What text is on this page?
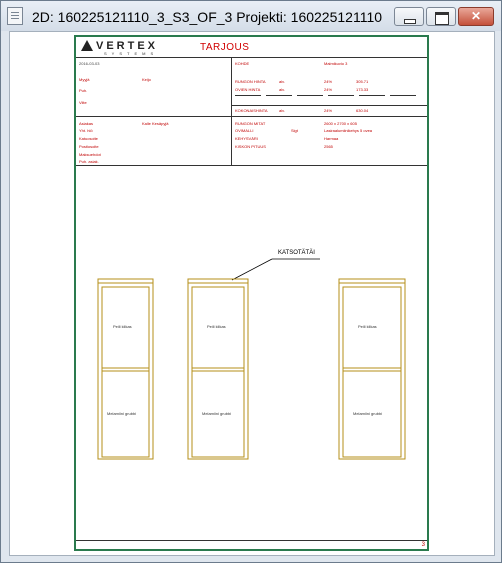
2D: 160225121110_3_S3_OF_3 Projekti: 160225121110
✕
VERTEX
SYSTEMS
TARJOUS
2016-03-03
Myyjä	Keijo
Puh.
Viite
KOHDE	Malmikuvio 3
RUNGON HINTA	alv.	24%	305.71
OVIEN HINTA	alv.	24%	173.33
KOKONAISHINTA	alv.	24%	630.04
Asiakas	Kalle Kesäpyjä
Yht. hlö
Katuosoite
Postiosoite
Maksuehdot
Puh. asiak.
RUNGON MITAT	2600 x 2700 x 605
OVIMALLI	Sigt	Lasiraalumiinikehys 5 ovea
KEHYSVÄRI	Harmaa
KISKON PITUUS	2565
KATSOTÄTÄI
Peili klikas
Melamiini grubbi
Peili klikas
Melamiini grubbi
Peili klikas
Melamiini grubbi
3
